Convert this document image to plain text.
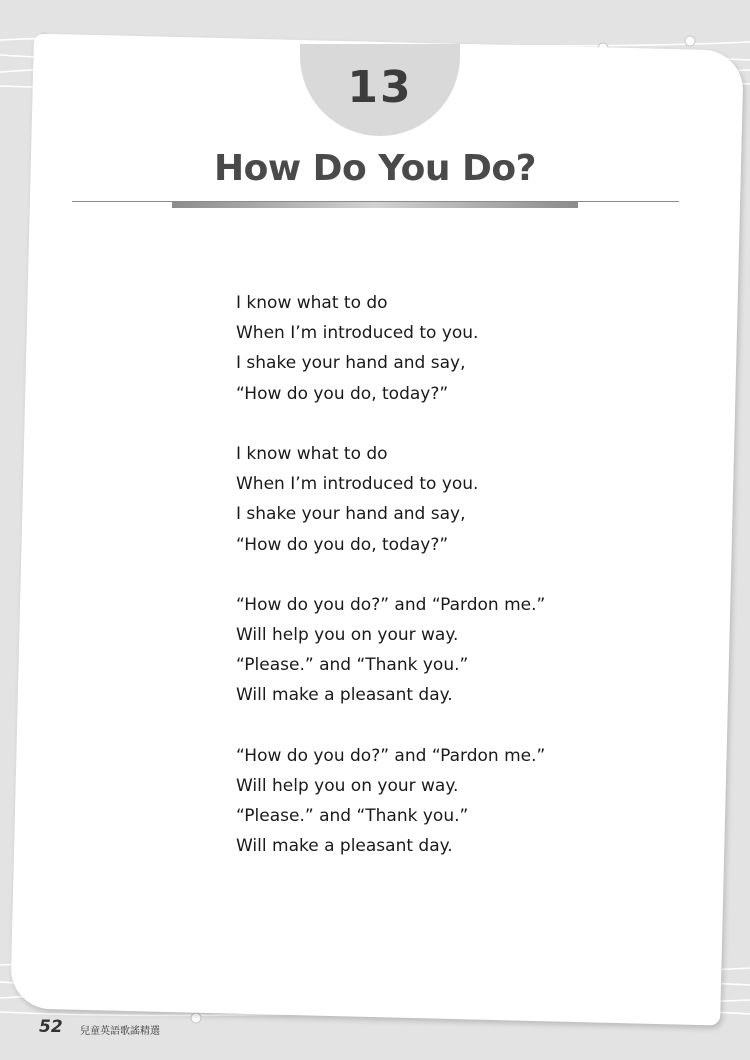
13
How Do You Do?
I know what to do
When I’m introduced to you.
I shake your hand and say,
“How do you do, today?”
I know what to do
When I’m introduced to you.
I shake your hand and say,
“How do you do, today?”
“How do you do?” and “Pardon me.”
Will help you on your way.
“Please.” and “Thank you.”
Will make a pleasant day.
“How do you do?” and “Pardon me.”
Will help you on your way.
“Please.” and “Thank you.”
Will make a pleasant day.
52 兒童英語歌謠精選
